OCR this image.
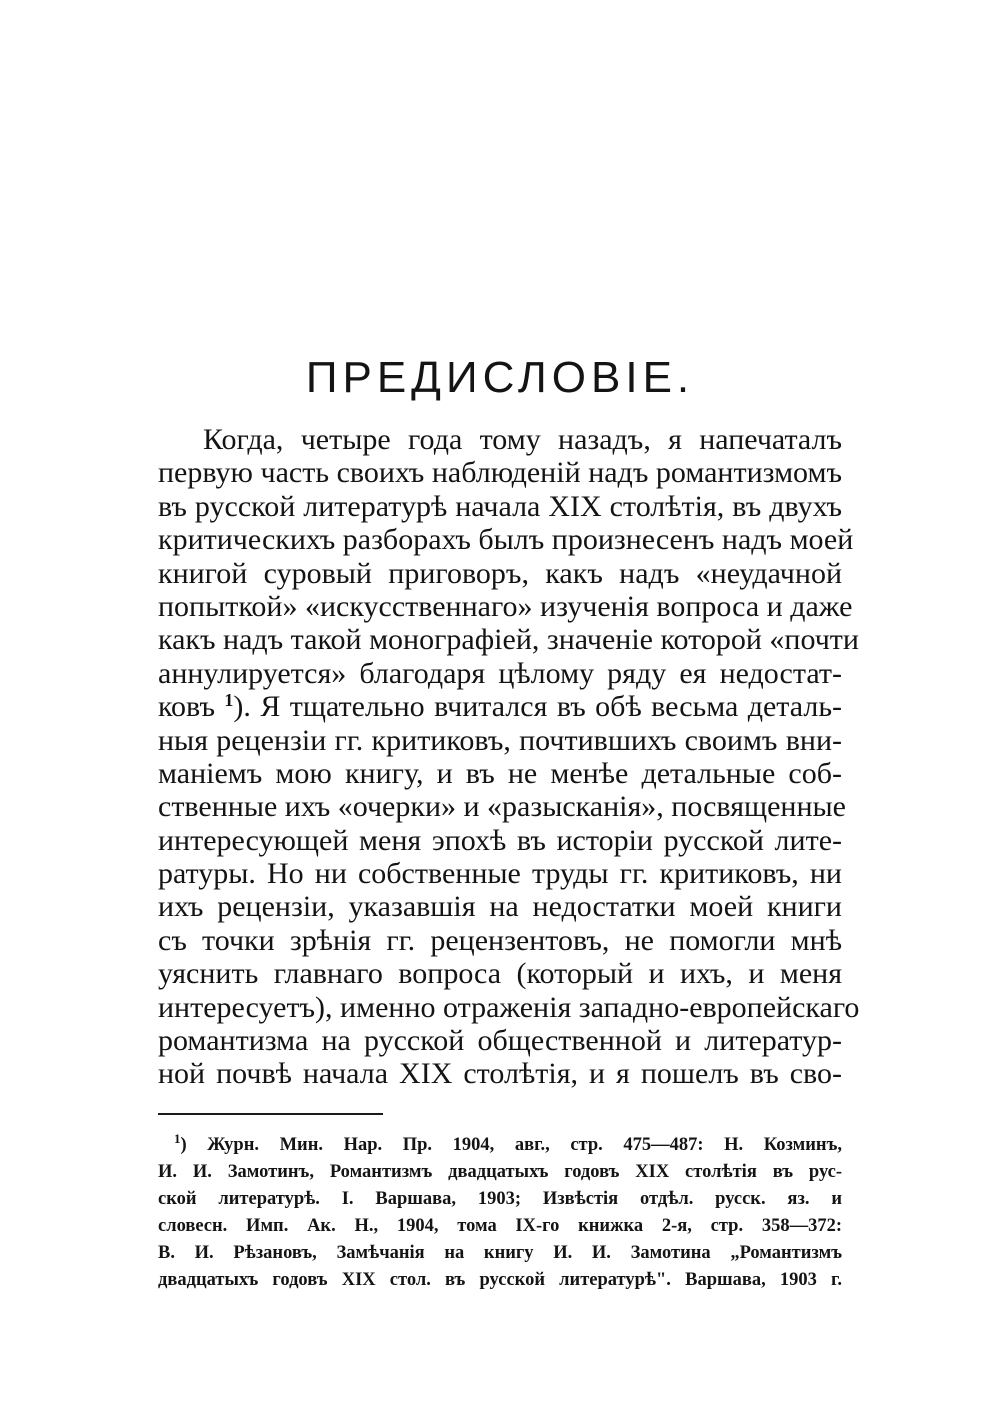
ПРЕДИСЛОВІЕ.
Когда, четыре года тому назадъ, я напечаталъ
первую часть своихъ наблюденій надъ романтизмомъ
въ русской литературѣ начала XIX столѣтія, въ двухъ
критическихъ разборахъ былъ произнесенъ надъ моей
книгой суровый приговоръ, какъ надъ «неудачной
попыткой» «искусственнаго» изученія вопроса и даже
какъ надъ такой монографіей, значеніе которой «почти
аннулируется» благодаря цѣлому ряду ея недостат-
ковъ $^1$). Я тщательно вчитался въ обѣ весьма деталь-
ныя рецензіи гг. критиковъ, почтившихъ своимъ вни-
маніемъ мою книгу, и въ не менѣе детальные соб-
ственные ихъ «очерки» и «разысканія», посвященные
интересующей меня эпохѣ въ исторіи русской лите-
ратуры. Но ни собственные труды гг. критиковъ, ни
ихъ рецензіи, указавшія на недостатки моей книги
съ точки зрѣнія гг. рецензентовъ, не помогли мнѣ
уяснить главнаго вопроса (который и ихъ, и меня
интересуетъ), именно отраженія западно-европейскаго
романтизма на русской общественной и литератур-
ной почвѣ начала XIX столѣтія, и я пошелъ въ сво-
$^1$) Журн. Мин. Нар. Пр. 1904, авг., стр. 475—487: Н. Козминъ,
И. И. Замотинъ, Романтизмъ двадцатыхъ годовъ XIX столѣтія въ рус-
ской литературѣ. I. Варшава, 1903; Извѣстія отдѣл. русск. яз. и
словесн. Имп. Ак. Н., 1904, тома IX-го книжка 2-я, стр. 358—372:
В. И. Рѣзановъ, Замѣчанія на книгу И. И. Замотина „Романтизмъ
двадцатыхъ годовъ XIX стол. въ русской литературѣ". Варшава, 1903 г.
